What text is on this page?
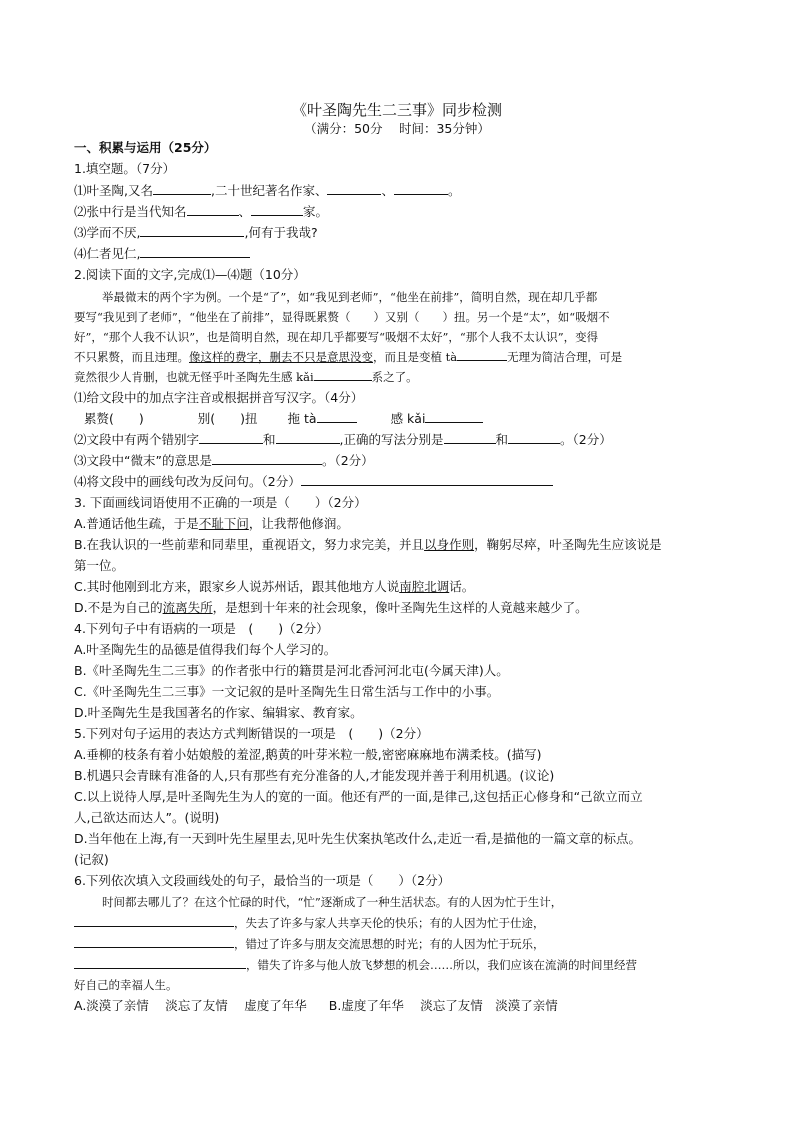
《叶圣陶先生二三事》同步检测
（满分：50分　 时间：35分钟）
一、积累与运用（25分）
1.填空题。（7分）
⑴叶圣陶,又名	,二十世纪著名作家、	、	。
⑵张中行是当代知名	、	家。
⑶学而不厌,	,何有于我哉?
⑷仁者见仁,
2.阅读下面的文字,完成⑴—⑷题（10分）
举最微末的两个字为例。一个是“了”，如“我见到老师”，“他坐在前排”，简明自然，现在却几乎都
要写“我见到了老师”，“他坐在了前排”，显得既累赘（　　）又别（　　）扭。另一个是“太”，如“吸烟不
好”，“那个人我不认识”，也是简明自然，现在却几乎都要写“吸烟不太好”，“那个人我不太认识”，变得
不只累赘，而且违理。像这样的费字，删去不只是意思没变，而且是变植 tà	无理为简洁合理，可是
竟然很少人肯删，也就无怪乎叶圣陶先生感 kǎi	系之了。
⑴给文段中的加点字注音或根据拼音写汉字。（4分）
累赘(　　)	别(　　)扭 拖 tà	感 kǎi
⑵文段中有两个错别字	和	,正确的写法分别是	和	。（2分）
⑶文段中“微末”的意思是	。（2分）
⑷将文段中的画线句改为反问句。（2分）
3. 下面画线词语使用不正确的一项是（　　）（2分）
A.普通话他生疏，于是不耻下问，让我帮他修润。
B.在我认识的一些前辈和同辈里，重视语文，努力求完美，并且以身作则，鞠躬尽瘁，叶圣陶先生应该说是
第一位。
C.其时他刚到北方来，跟家乡人说苏州话，跟其他地方人说南腔北调话。
D.不是为自己的流离失所，是想到十年来的社会现象，像叶圣陶先生这样的人竟越来越少了。
4.下列句子中有语病的一项是　(　　)（2分）
A.叶圣陶先生的品德是值得我们每个人学习的。
B.《叶圣陶先生二三事》的作者张中行的籍贯是河北香河河北屯(今属天津)人。
C.《叶圣陶先生二三事》一文记叙的是叶圣陶先生日常生活与工作中的小事。
D.叶圣陶先生是我国著名的作家、编辑家、教育家。
5.下列对句子运用的表达方式判断错误的一项是　(　　)（2分）
A.垂柳的枝条有着小姑娘般的羞涩,鹅黄的叶芽米粒一般,密密麻麻地布满柔枝。(描写)
B.机遇只会青睐有准备的人,只有那些有充分准备的人,才能发现并善于利用机遇。(议论)
C.以上说待人厚,是叶圣陶先生为人的宽的一面。他还有严的一面,是律己,这包括正心修身和“己欲立而立
人,己欲达而达人”。(说明)
D.当年他在上海,有一天到叶先生屋里去,见叶先生伏案执笔改什么,走近一看,是描他的一篇文章的标点。
(记叙)
6.下列依次填入文段画线处的句子，最恰当的一项是（　　）（2分）
时间都去哪儿了？在这个忙碌的时代，“忙”逐渐成了一种生活状态。有的人因为忙于生计，
，失去了许多与家人共享天伦的快乐；有的人因为忙于仕途，
，错过了许多与朋友交流思想的时光；有的人因为忙于玩乐，
，错失了许多与他人放飞梦想的机会……所以，我们应该在流淌的时间里经营
好自己的幸福人生。
A.淡漠了亲情　 淡忘了友情　 虚度了年华 B.虚度了年华　 淡忘了友情　淡漠了亲情
